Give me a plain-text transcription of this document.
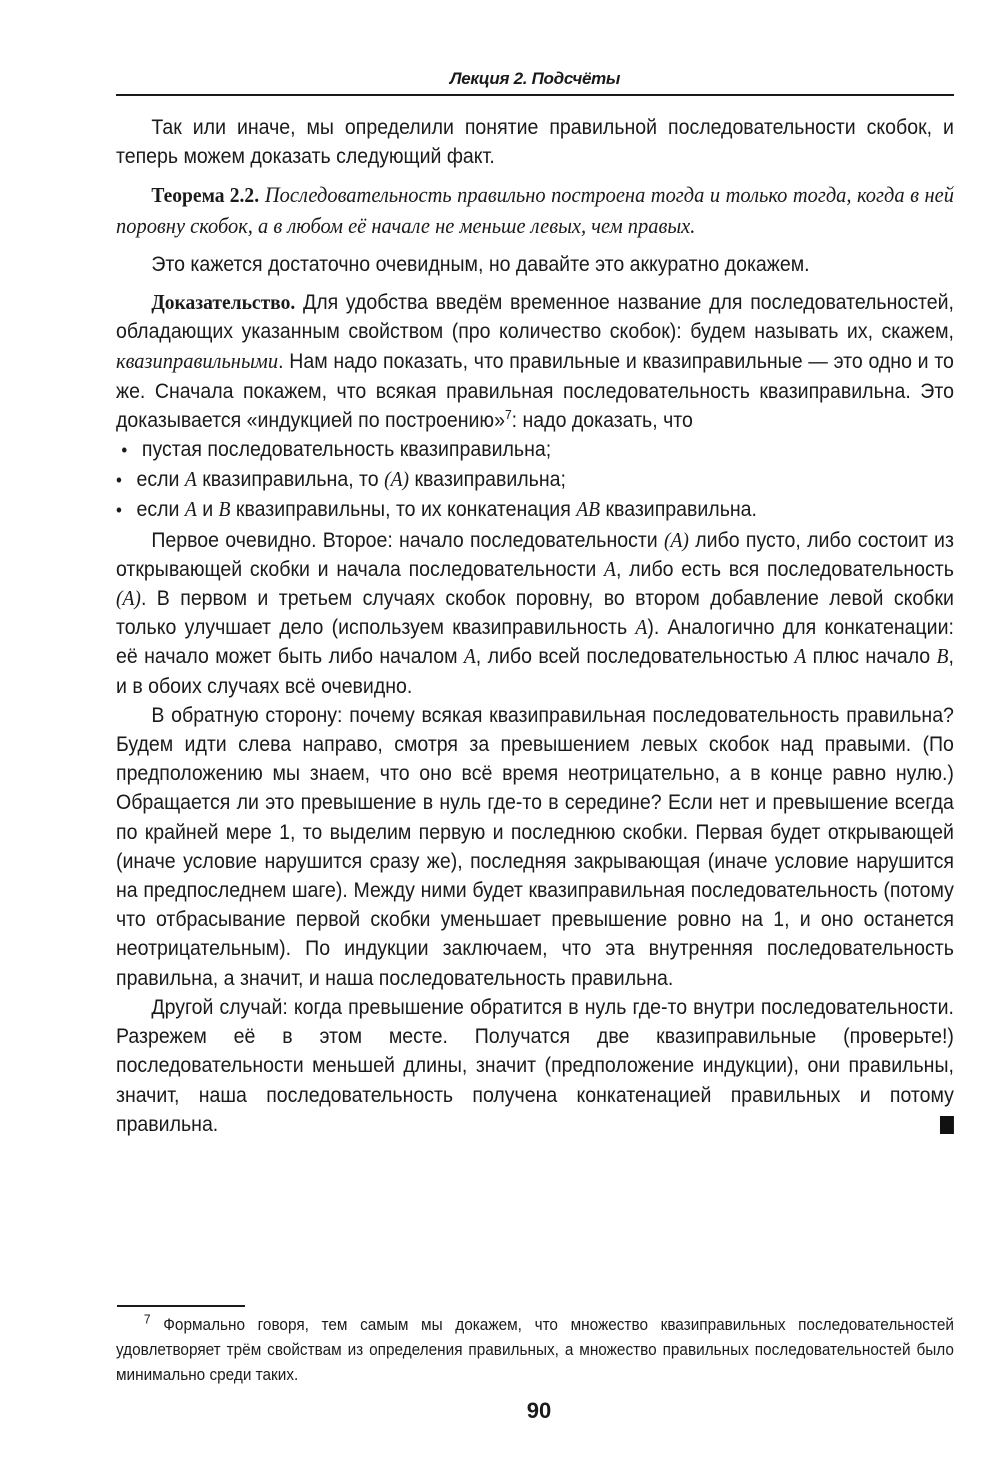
Лекция 2. Подсчёты

Так или иначе, мы определили понятие правильной последовательности скобок, и теперь можем доказать следующий факт.

Теорема 2.2. Последовательность правильно построена тогда и только тогда, когда в ней поровну скобок, а в любом её начале не меньше левых, чем правых.

Это кажется достаточно очевидным, но давайте это аккуратно докажем.

Доказательство. Для удобства введём временное название для последовательностей, обладающих указанным свойством (про количество скобок): будем называть их, скажем, квазиправильными. Нам надо показать, что правильные и квазиправильные — это одно и то же. Сначала покажем, что всякая правильная последовательность квазиправильна. Это доказывается «индукцией по построению»$^7$: надо доказать, что

• пустая последовательность квазиправильна;
• если A квазиправильна, то (A) квазиправильна;
• если A и B квазиправильны, то их конкатенация AB квазиправильна.

Первое очевидно. Второе: начало последовательности (A) либо пусто, либо состоит из открывающей скобки и начала последовательности A, либо есть вся последовательность (A). В первом и третьем случаях скобок поровну, во втором добавление левой скобки только улучшает дело (используем квазиправильность A). Аналогично для конкатенации: её начало может быть либо началом A, либо всей последовательностью A плюс начало B, и в обоих случаях всё очевидно.

В обратную сторону: почему всякая квазиправильная последовательность правильна? Будем идти слева направо, смотря за превышением левых скобок над правыми. (По предположению мы знаем, что оно всё время неотрицательно, а в конце равно нулю.) Обращается ли это превышение в нуль где-то в середине? Если нет и превышение всегда по крайней мере 1, то выделим первую и последнюю скобки. Первая будет открывающей (иначе условие нарушится сразу же), последняя закрывающая (иначе условие нарушится на предпоследнем шаге). Между ними будет квазиправильная последовательность (потому что отбрасывание первой скобки уменьшает превышение ровно на 1, и оно останется неотрицательным). По индукции заключаем, что эта внутренняя последовательность правильна, а значит, и наша последовательность правильна.

Другой случай: когда превышение обратится в нуль где-то внутри последовательности. Разрежем её в этом месте. Получатся две квазиправильные (проверьте!) последовательности меньшей длины, значит (предположение индукции), они правильны, значит, наша последовательность получена конкатенацией правильных и потому правильна.

$^7$ Формально говоря, тем самым мы докажем, что множество квазиправильных последовательностей удовлетворяет трём свойствам из определения правильных, а множество правильных последовательностей было минимально среди таких.

90
